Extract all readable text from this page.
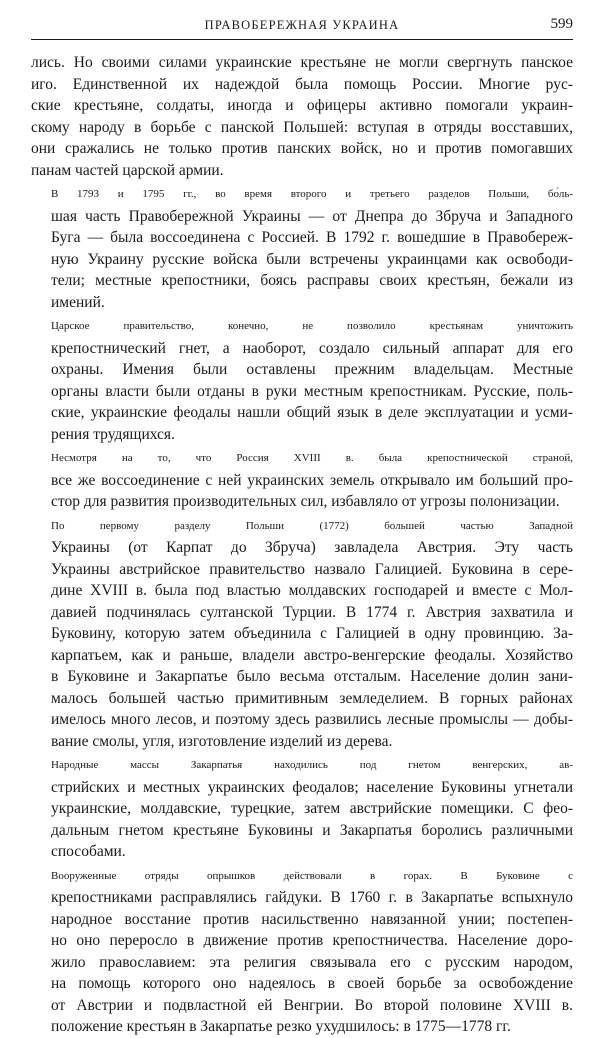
ПРАВОБЕРЕЖНАЯ УКРАИНА	599

лись. Но своими силами украинские крестьяне не могли свергнуть панское
иго. Единственной их надеждой была помощь России. Многие рус-
ские крестьяне, солдаты, иногда и офицеры активно помогали украин-
скому народу в борьбе с панской Польшей: вступая в отряды восставших,
они сражались не только против панских войск, но и против помогавших
панам частей царской армии.

В 1793 и 1795 гг., во время второго и третьего разделов Польши, бо́ль-
шая часть Правобережной Украины — от Днепра до Збруча и Западного
Буга — была воссоединена с Россией. В 1792 г. вошедшие в Правобереж-
ную Украину русские войска были встречены украинцами как освободи-
тели; местные крепостники, боясь расправы своих крестьян, бежали из
имений.

Царское правительство, конечно, не позволило крестьянам уничтожить
крепостнический гнет, а наоборот, создало сильный аппарат для его
охраны. Имения были оставлены прежним владельцам. Местные
органы власти были отданы в руки местным крепостникам. Русские, поль-
ские, украинские феодалы нашли общий язык в деле эксплуатации и усми-
рения трудящихся.

Несмотря на то, что Россия XVIII в. была крепостнической страной,
все же воссоединение с ней украинских земель открывало им больший про-
стор для развития производительных сил, избавляло от угрозы полонизации.

По первому разделу Польши (1772) большей частью Западной
Украины (от Карпат до Збруча) завладела Австрия. Эту часть
Украины австрийское правительство назвало Галицией. Буковина в сере-
дине XVIII в. была под властью молдавских господарей и вместе с Мол-
давией подчинялась султанской Турции. В 1774 г. Австрия захватила и
Буковину, которую затем объединила с Галицией в одну провинцию. За-
карпатьем, как и раньше, владели австро-венгерские феодалы. Хозяйство
в Буковине и Закарпатье было весьма отсталым. Население долин зани-
малось большей частью примитивным земледелием. В горных районах
имелось много лесов, и поэтому здесь развились лесные промыслы — добы-
вание смолы, угля, изготовление изделий из дерева.

Народные массы Закарпатья находились под гнетом венгерских, ав-
стрийских и местных украинских феодалов; население Буковины угнетали
украинские, молдавские, турецкие, затем австрийские помещики. С фео-
дальным гнетом крестьяне Буковины и Закарпатья боролись различными
способами.

Вооруженные отряды опрышков действовали в горах. В Буковине с
крепостниками расправлялись гайдуки. В 1760 г. в Закарпатье вспыхнуло
народное восстание против насильственно навязанной унии; постепен-
но оно переросло в движение против крепостничества. Население доро-
жило православием: эта религия связывала его с русским народом,
на помощь которого оно надеялось в своей борьбе за освобождение
от Австрии и подвластной ей Венгрии. Во второй половине XVIII в.
положение крестьян в Закарпатье резко ухудшилось: в 1775—1778 гг.
